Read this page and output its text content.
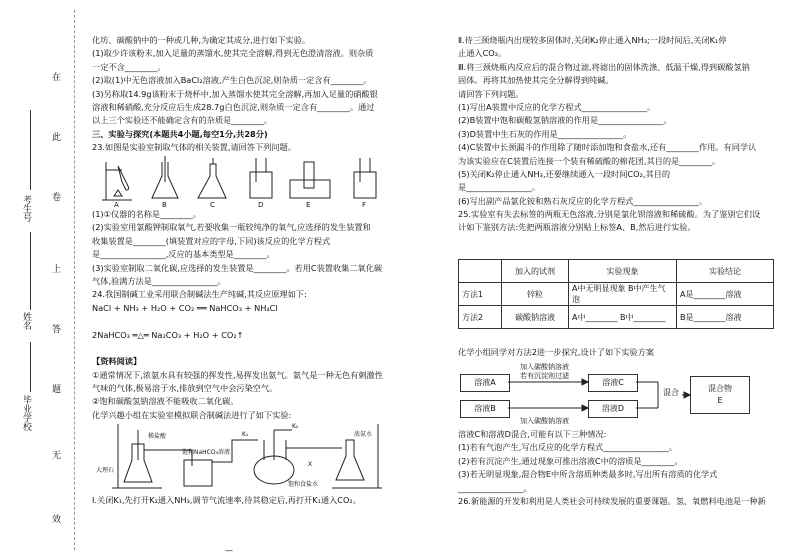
在
此
卷
上
答
题
无
效
考生号
姓名
毕业学校
化坊、碳酸钠中的一种或几种,为确定其成分,进行如下实验。
(1)取少许该粉末,加入足量的蒸馏水,使其完全溶解,得到无色澄清溶液。则杂质
一定不含________。
(2)取(1)中无色溶液加入BaCl₂溶液,产生白色沉淀,则杂质一定含有________。
(3)另称取14.9g该粉末于烧杯中,加入蒸馏水使其完全溶解,再加入足量的硝酸银
溶液和稀硝酸,充分反应后生成28.7g白色沉淀,则杂质一定含有________。通过
以上三个实验还不能确定含有的杂质是________。
三、实验与探究(本题共4小题,每空1分,共28分)
23.如图是实验室制取气体的相关装置,请回答下列问题。
A	B	C	D	E	F
(1)①仪器的名称是________。
(2)实验室用氯酸钾制取氧气,若要收集一瓶较纯净的氧气,应选择的发生装置和
收集装置是________(填装置对应的字母,下同)该反应的化学方程式
是________________,反应的基本类型是________。
(3)实验室制取二氧化碳,应选择的发生装置是________。若用C装置收集二氧化碳
气体,验满方法是________________。
24.我国制碱工业采用联合制碱法生产纯碱,其反应原理如下:
NaCl + NH₃ + H₂O + CO₂ ══ NaHCO₃ + NH₄Cl
2NaHCO₃ ═△═ Na₂CO₃ + H₂O + CO₂↑
【资料阅读】
①通常情况下,浓氨水具有较强的挥发性,易挥发出氨气。氨气是一种无色有刺激性
气味的气体,极易溶于水,排放到空气中会污染空气。
②饱和碳酸氢钠溶液不能吸收二氧化碳。
化学兴趣小组在实验室模拟联合制碱法进行了如下实验:
K₁
K₂
浓氨水
稀盐酸
大理石
饱和NaHCO₃溶液
饱和食盐水
X
Ⅰ.关闭K₁,先打开K₂通入NH₃,调节气流速率,待其稳定后,再打开K₁通入CO₂。
—
Ⅱ.待三颈烧瓶内出现较多固体时,关闭K₂停止通入NH₃;一段时间后,关闭K₁停
止通入CO₂。
Ⅲ.将三颈烧瓶内反应后的混合物过滤,将滤出的固体洗涤、低温干燥,得到碳酸氢钠
固体。再将其加热使其完全分解得到纯碱。
请回答下列问题。
(1)写出A装置中反应的化学方程式________________。
(2)B装置中饱和碳酸氢钠溶液的作用是________________。
(3)D装置中生石灰的作用是________________。
(4)C装置中长颈漏斗的作用除了随时添加饱和食盐水,还有________作用。有同学认
为该实验应在C装置后连接一个装有稀硫酸的棉花团,其目的是________。
(5)关闭K₂停止通入NH₃,还要继续通入一段时间CO₂,其目的
是________________。
(6)写出副产品氯化铵和熟石灰反应的化学方程式________________。
25.实验室有失去标签的两瓶无色溶液,分别是氯化钡溶液和稀硫酸。为了鉴别它们设
计如下鉴别方法:先把两瓶溶液分别贴上标签A、B,然后进行实验。
	加入的试剂	实验现象	实验结论
方法1	锌粒	A中无明显现象 B中产生气泡	A是________溶液
方法2	碳酸钠溶液	A中________ B中________	B是________溶液
化学小组同学对方法2进一步探究,设计了如下实验方案
溶液A
溶液B
溶液C
溶液D
混合物
E
混合
加入碳酸钠溶液
若有沉淀则过滤
加入碳酸钠溶液
溶液C和溶液D混合,可能有以下三种情况:
(1)若有气泡产生,写出反应的化学方程式________________。
(2)若有沉淀产生,通过现象可推出溶液C中的溶质是________。
(3)若无明显现象,混合物E中所含溶质种类最多时,写出所有溶质的化学式
________________。
26.新能源的开发和利用是人类社会可持续发展的重要课题。氢、氧燃料电池是一种新
